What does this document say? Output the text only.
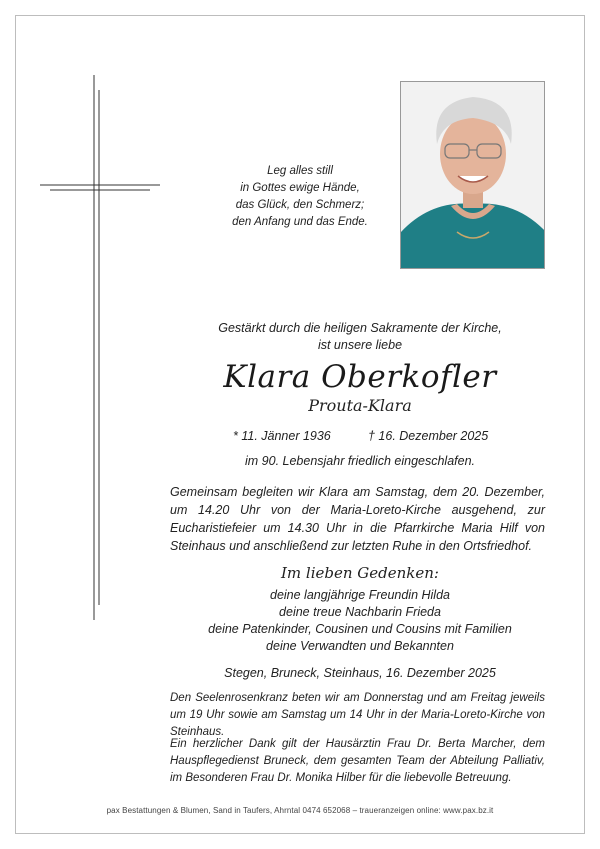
Leg alles still
in Gottes ewige Hände,
das Glück, den Schmerz;
den Anfang und das Ende.
Gestärkt durch die heiligen Sakramente der Kirche,
ist unsere liebe
Klara Oberkofler
Prouta-Klara
* 11. Jänner 1936	† 16. Dezember 2025
im 90. Lebensjahr friedlich eingeschlafen.
Gemeinsam begleiten wir Klara am Samstag, dem 20. Dezember, um 14.20 Uhr von der Maria-Loreto-Kirche ausgehend, zur Eucharistiefeier um 14.30 Uhr in die Pfarrkirche Maria Hilf von Steinhaus und anschließend zur letzten Ruhe in den Ortsfriedhof.
Im lieben Gedenken:
deine langjährige Freundin Hilda
deine treue Nachbarin Frieda
deine Patenkinder, Cousinen und Cousins mit Familien
deine Verwandten und Bekannten
Stegen, Bruneck, Steinhaus, 16. Dezember 2025
Den Seelenrosenkranz beten wir am Donnerstag und am Freitag jeweils um 19 Uhr sowie am Samstag um 14 Uhr in der Maria-Loreto-Kirche von Steinhaus.
Ein herzlicher Dank gilt der Hausärztin Frau Dr. Berta Marcher, dem Hauspflegedienst Bruneck, dem gesamten Team der Abteilung Palliativ, im Besonderen Frau Dr. Monika Hilber für die liebevolle Betreuung.
pax Bestattungen & Blumen, Sand in Taufers, Ahrntal 0474 652068 – traueranzeigen online: www.pax.bz.it
